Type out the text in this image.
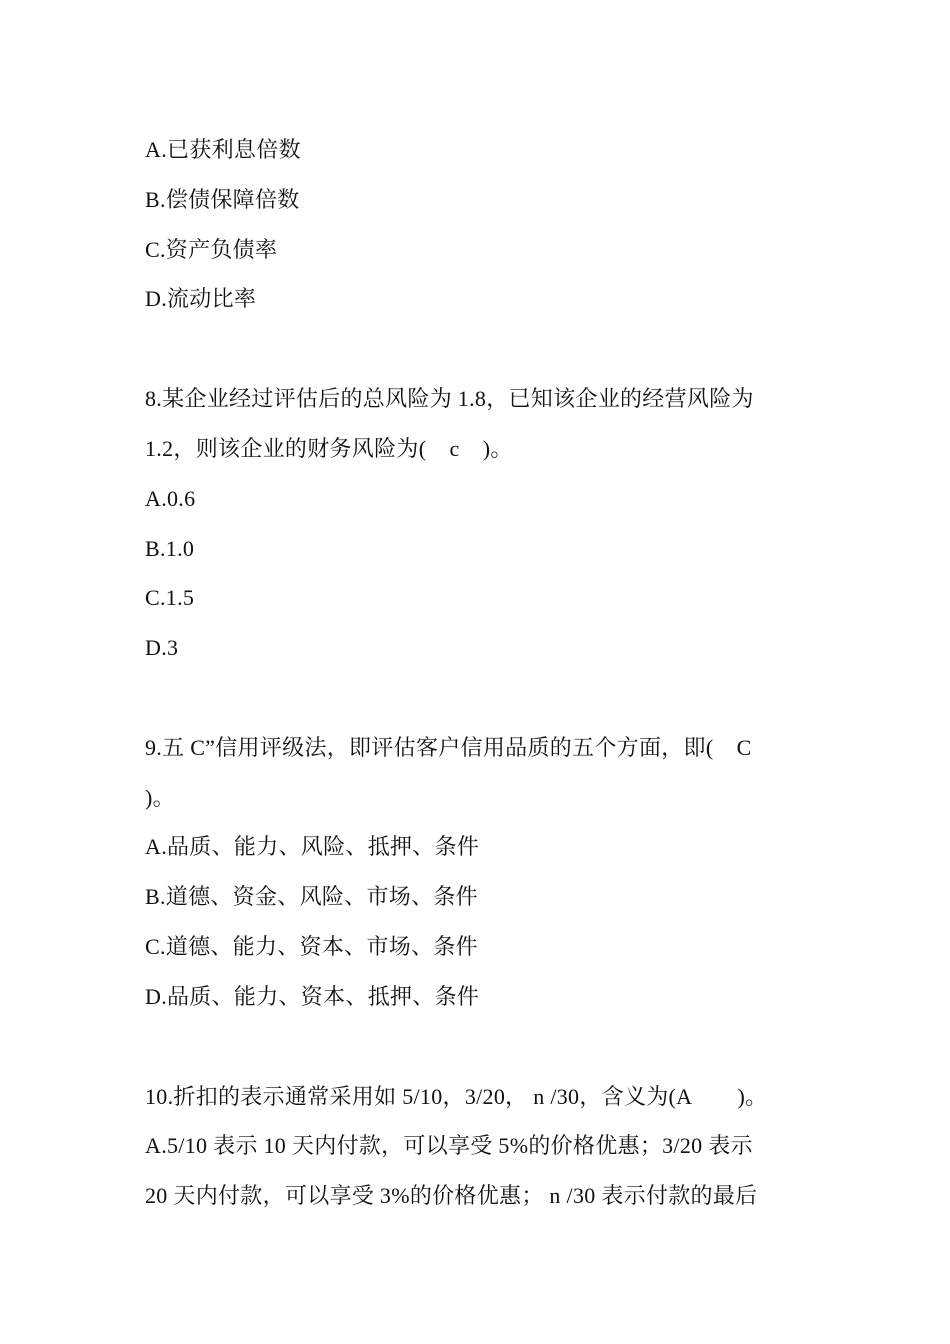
A.已获利息倍数
B.偿债保障倍数
C.资产负债率
D.流动比率
8.某企业经过评估后的总风险为 1.8，已知该企业的经营风险为
1.2，则该企业的财务风险为(    c    )。
A.0.6
B.1.0
C.1.5
D.3
9.五 C”信用评级法，即评估客户信用品质的五个方面，即(    C
)。
A.品质、能力、风险、抵押、条件
B.道德、资金、风险、市场、条件
C.道德、能力、资本、市场、条件
D.品质、能力、资本、抵押、条件
10.折扣的表示通常采用如 5/10，3/20， n /30，含义为(A        )。
A.5/10 表示 10 天内付款，可以享受 5%的价格优惠；3/20 表示
20 天内付款，可以享受 3%的价格优惠； n /30 表示付款的最后
